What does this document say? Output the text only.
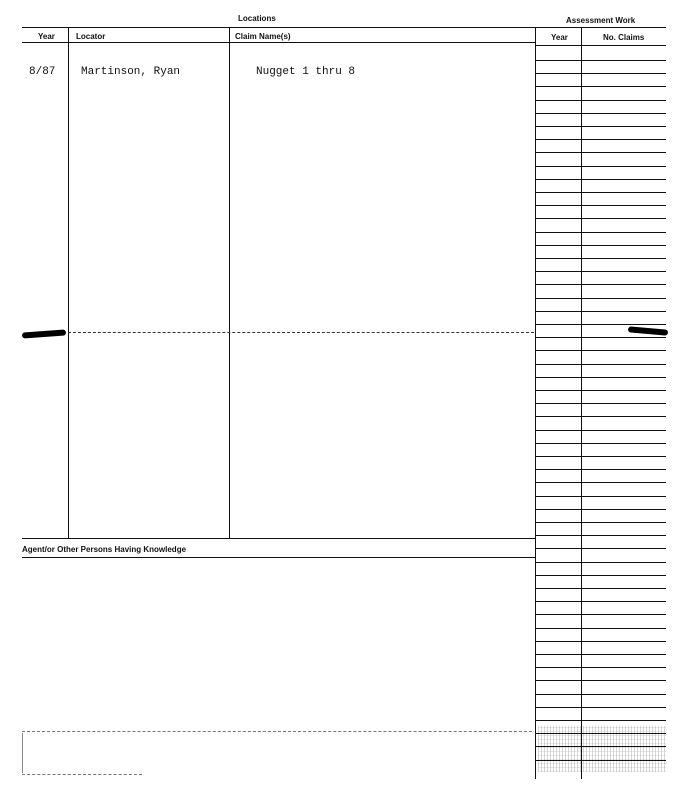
Locations	Assessment Work
Year	Locator	Claim Name(s)	Year	No. Claims
8/87 Martinson, Ryan	Nugget 1 thru 8
Agent/or Other Persons Having Knowledge
